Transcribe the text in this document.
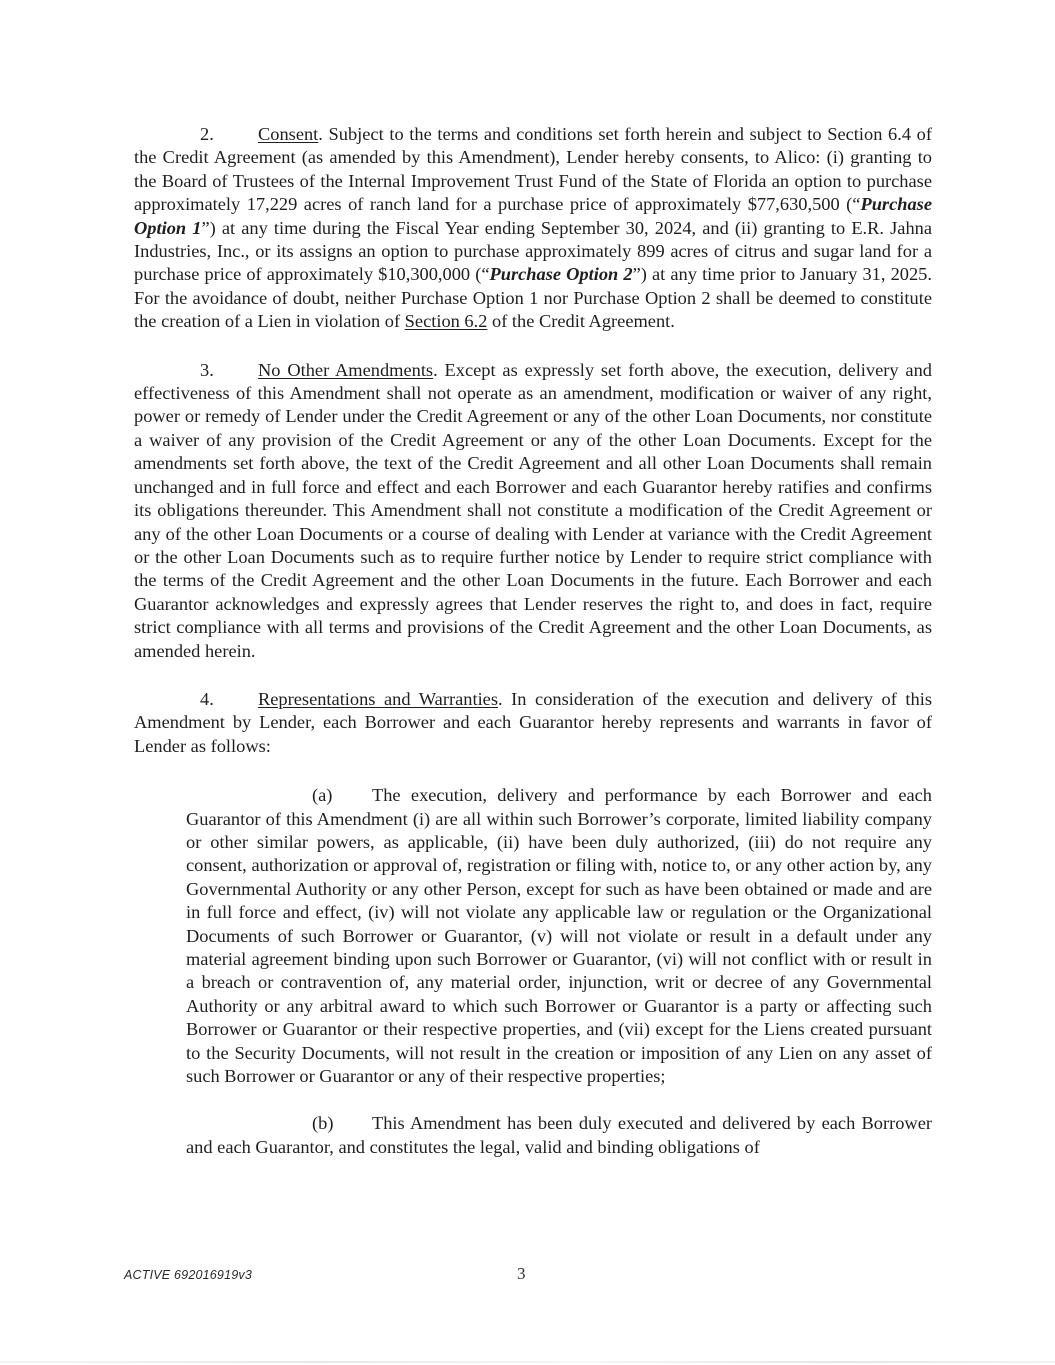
2. Consent. Subject to the terms and conditions set forth herein and subject to Section 6.4 of the Credit Agreement (as amended by this Amendment), Lender hereby consents, to Alico: (i) granting to the Board of Trustees of the Internal Improvement Trust Fund of the State of Florida an option to purchase approximately 17,229 acres of ranch land for a purchase price of approximately $77,630,500 (“Purchase Option 1”) at any time during the Fiscal Year ending September 30, 2024, and (ii) granting to E.R. Jahna Industries, Inc., or its assigns an option to purchase approximately 899 acres of citrus and sugar land for a purchase price of approximately $10,300,000 (“Purchase Option 2”) at any time prior to January 31, 2025. For the avoidance of doubt, neither Purchase Option 1 nor Purchase Option 2 shall be deemed to constitute the creation of a Lien in violation of Section 6.2 of the Credit Agreement.

3. No Other Amendments. Except as expressly set forth above, the execution, delivery and effectiveness of this Amendment shall not operate as an amendment, modification or waiver of any right, power or remedy of Lender under the Credit Agreement or any of the other Loan Documents, nor constitute a waiver of any provision of the Credit Agreement or any of the other Loan Documents. Except for the amendments set forth above, the text of the Credit Agreement and all other Loan Documents shall remain unchanged and in full force and effect and each Borrower and each Guarantor hereby ratifies and confirms its obligations thereunder. This Amendment shall not constitute a modification of the Credit Agreement or any of the other Loan Documents or a course of dealing with Lender at variance with the Credit Agreement or the other Loan Documents such as to require further notice by Lender to require strict compliance with the terms of the Credit Agreement and the other Loan Documents in the future. Each Borrower and each Guarantor acknowledges and expressly agrees that Lender reserves the right to, and does in fact, require strict compliance with all terms and provisions of the Credit Agreement and the other Loan Documents, as amended herein.

4. Representations and Warranties. In consideration of the execution and delivery of this Amendment by Lender, each Borrower and each Guarantor hereby represents and warrants in favor of Lender as follows:

(a) The execution, delivery and performance by each Borrower and each Guarantor of this Amendment (i) are all within such Borrower’s corporate, limited liability company or other similar powers, as applicable, (ii) have been duly authorized, (iii) do not require any consent, authorization or approval of, registration or filing with, notice to, or any other action by, any Governmental Authority or any other Person, except for such as have been obtained or made and are in full force and effect, (iv) will not violate any applicable law or regulation or the Organizational Documents of such Borrower or Guarantor, (v) will not violate or result in a default under any material agreement binding upon such Borrower or Guarantor, (vi) will not conflict with or result in a breach or contravention of, any material order, injunction, writ or decree of any Governmental Authority or any arbitral award to which such Borrower or Guarantor is a party or affecting such Borrower or Guarantor or their respective properties, and (vii) except for the Liens created pursuant to the Security Documents, will not result in the creation or imposition of any Lien on any asset of such Borrower or Guarantor or any of their respective properties;

(b) This Amendment has been duly executed and delivered by each Borrower and each Guarantor, and constitutes the legal, valid and binding obligations of

ACTIVE 692016919v3	3
